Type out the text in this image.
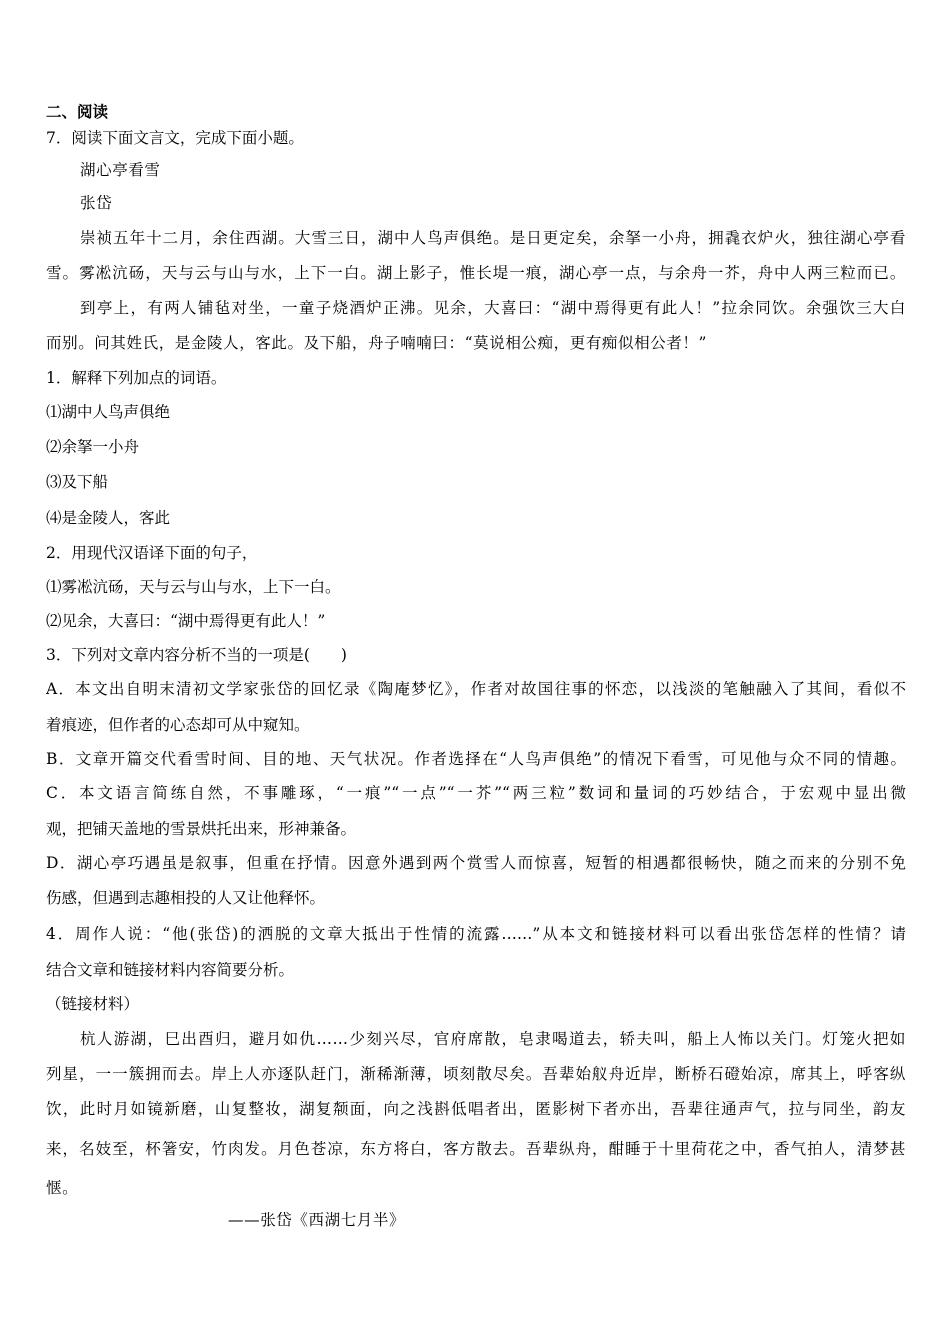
二、阅读
7．阅读下面文言文，完成下面小题。
湖心亭看雪
张岱
崇祯五年十二月，余住西湖。大雪三日，湖中人鸟声俱绝。是日更定矣，余拏一小舟，拥毳衣炉火，独往湖心亭看
雪。雾凇沆砀，天与云与山与水，上下一白。湖上影子，惟长堤一痕，湖心亭一点，与余舟一芥，舟中人两三粒而已。
到亭上，有两人铺毡对坐，一童子烧酒炉正沸。见余，大喜曰：“湖中焉得更有此人！”拉余同饮。余强饮三大白
而别。问其姓氏，是金陵人，客此。及下船，舟子喃喃曰：“莫说相公痴，更有痴似相公者！”
1．解释下列加点的词语。
⑴湖中人鸟声俱绝
⑵余拏一小舟
⑶及下船
⑷是金陵人，客此
2．用现代汉语译下面的句子，
⑴雾凇沆砀，天与云与山与水，上下一白。
⑵见余，大喜曰：“湖中焉得更有此人！”
3．下列对文章内容分析不当的一项是(　　)
A．本文出自明末清初文学家张岱的回忆录《陶庵梦忆》，作者对故国往事的怀恋，以浅淡的笔触融入了其间，看似不
着痕迹，但作者的心态却可从中窥知。
B．文章开篇交代看雪时间、目的地、天气状况。作者选择在“人鸟声俱绝”的情况下看雪，可见他与众不同的情趣。
C．本文语言简练自然，不事雕琢，“一痕”“一点”“一芥”“两三粒”数词和量词的巧妙结合，于宏观中显出微
观，把铺天盖地的雪景烘托出来，形神兼备。
D．湖心亭巧遇虽是叙事，但重在抒情。因意外遇到两个赏雪人而惊喜，短暂的相遇都很畅快，随之而来的分别不免
伤感，但遇到志趣相投的人又让他释怀。
4．周作人说：“他(张岱)的洒脱的文章大抵出于性情的流露……”从本文和链接材料可以看出张岱怎样的性情？请
结合文章和链接材料内容简要分析。
（链接材料）
杭人游湖，巳出酉归，避月如仇……少刻兴尽，官府席散，皂隶喝道去，轿夫叫，船上人怖以关门。灯笼火把如
列星，一一簇拥而去。岸上人亦逐队赶门，渐稀渐薄，顷刻散尽矣。吾辈始舣舟近岸，断桥石磴始凉，席其上，呼客纵
饮，此时月如镜新磨，山复整妆，湖复颒面，向之浅斟低唱者出，匿影树下者亦出，吾辈往通声气，拉与同坐，韵友
来，名妓至，杯箸安，竹肉发。月色苍凉，东方将白，客方散去。吾辈纵舟，酣睡于十里荷花之中，香气拍人，清梦甚
惬。
——张岱《西湖七月半》
